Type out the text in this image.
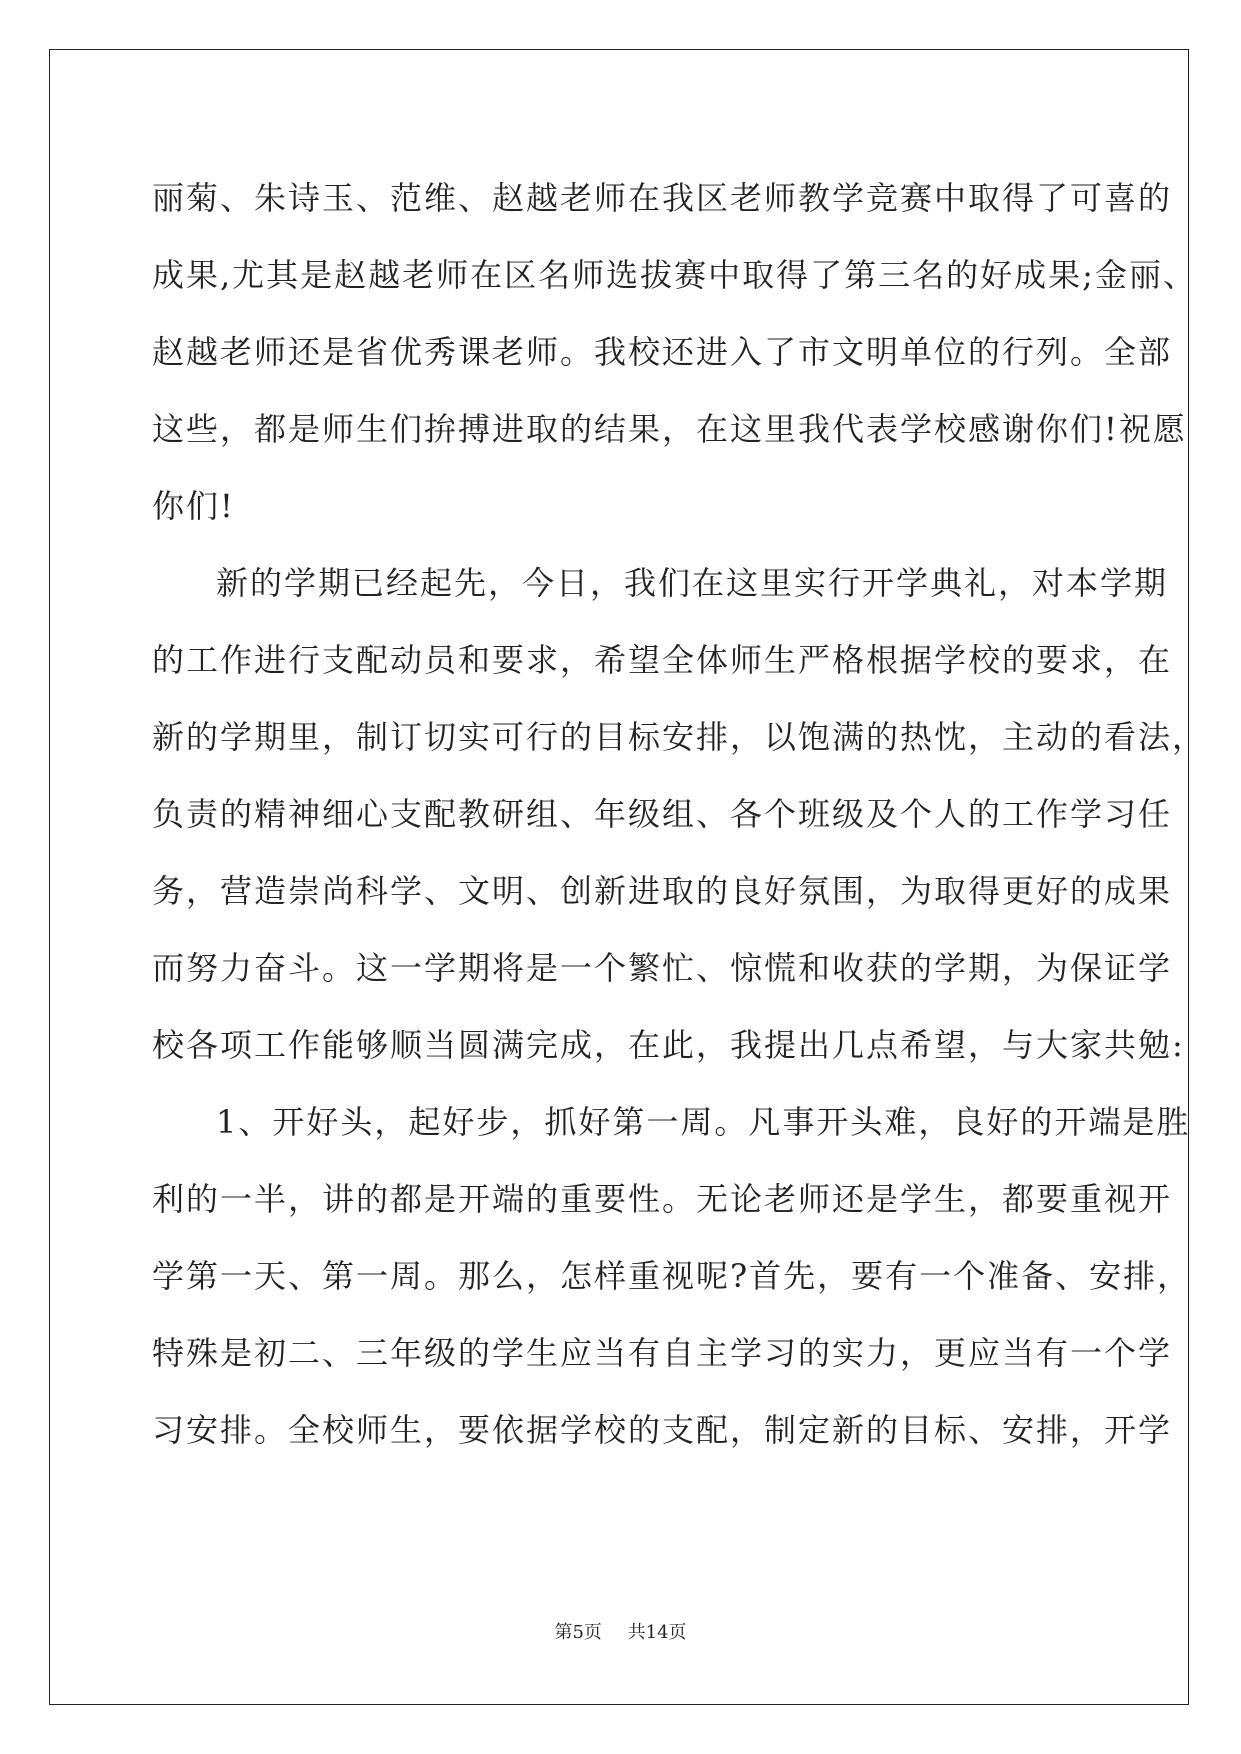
丽菊、朱诗玉、范维、赵越老师在我区老师教学竞赛中取得了可喜的
成果,尤其是赵越老师在区名师选拔赛中取得了第三名的好成果;金丽、
赵越老师还是省优秀课老师。我校还进入了市文明单位的行列。全部
这些，都是师生们拚搏进取的结果，在这里我代表学校感谢你们!祝愿
你们!
新的学期已经起先，今日，我们在这里实行开学典礼，对本学期
的工作进行支配动员和要求，希望全体师生严格根据学校的要求，在
新的学期里，制订切实可行的目标安排，以饱满的热忱，主动的看法，
负责的精神细心支配教研组、年级组、各个班级及个人的工作学习任
务，营造崇尚科学、文明、创新进取的良好氛围，为取得更好的成果
而努力奋斗。这一学期将是一个繁忙、惊慌和收获的学期，为保证学
校各项工作能够顺当圆满完成，在此，我提出几点希望，与大家共勉:
1、开好头，起好步，抓好第一周。凡事开头难，良好的开端是胜
利的一半，讲的都是开端的重要性。无论老师还是学生，都要重视开
学第一天、第一周。那么，怎样重视呢?首先，要有一个准备、安排，
特殊是初二、三年级的学生应当有自主学习的实力，更应当有一个学
习安排。全校师生，要依据学校的支配，制定新的目标、安排，开学
第5页 共14页
